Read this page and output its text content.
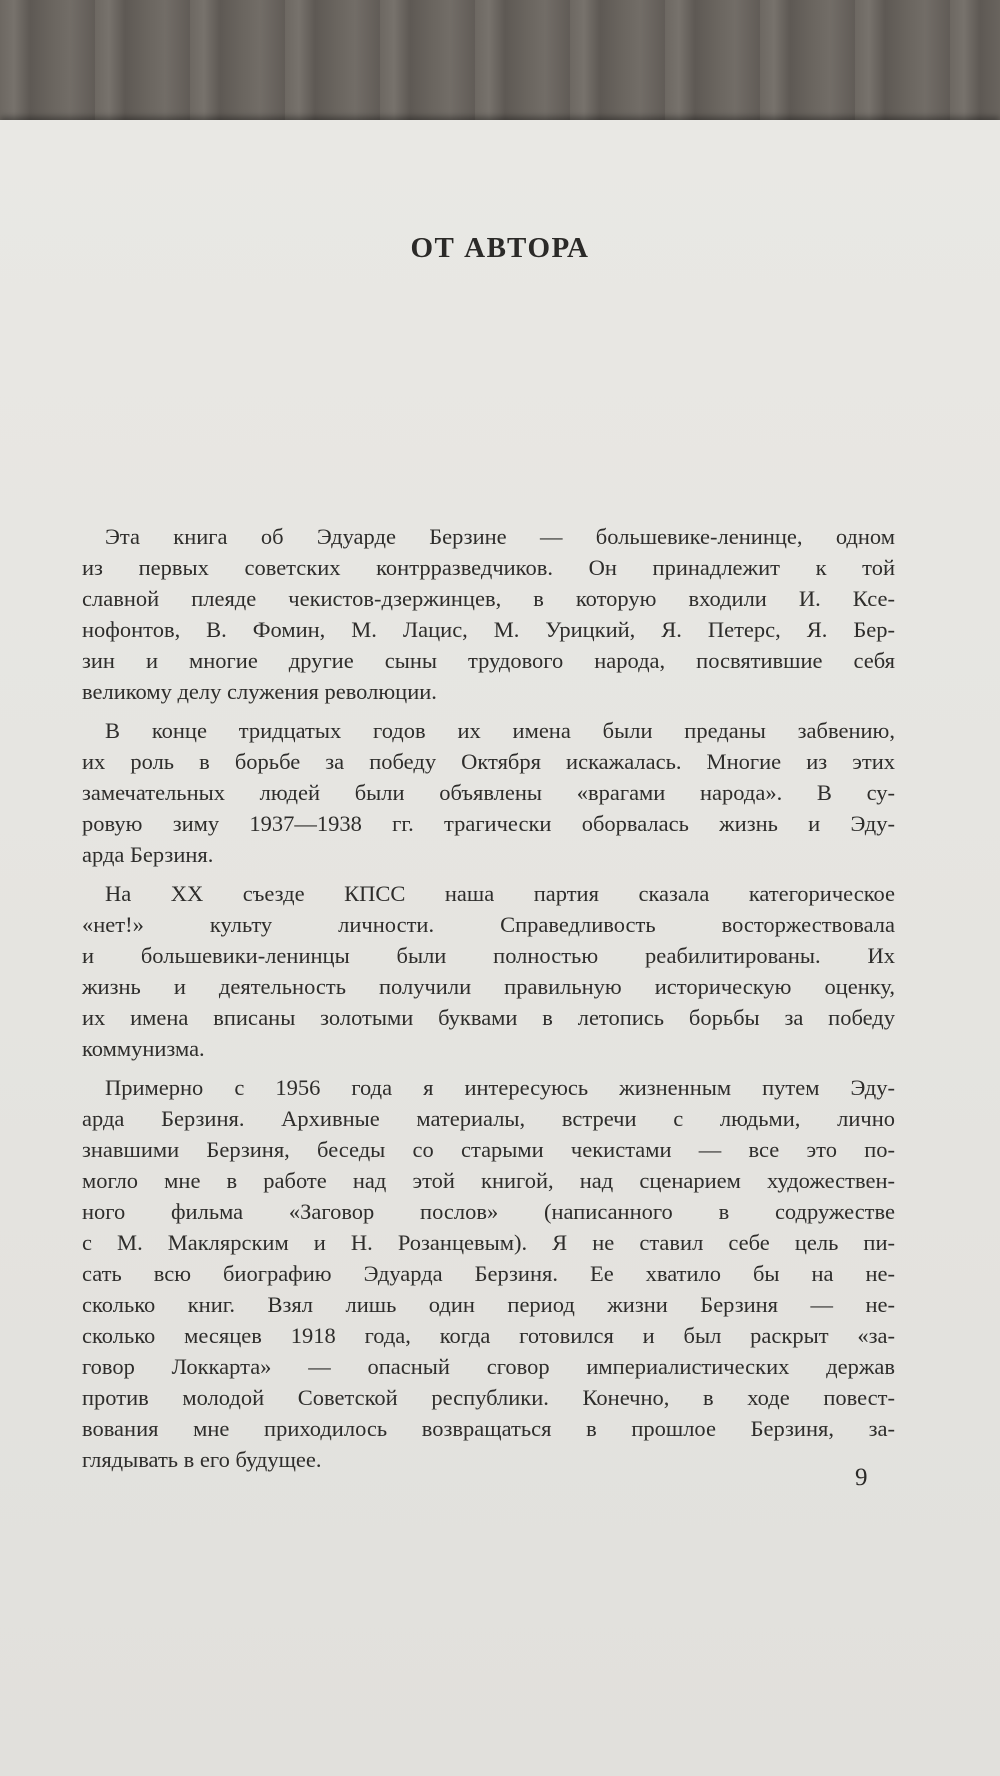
ОТ АВТОРА
Эта книга об Эдуарде Берзине — большевике-ленинце, одном
из первых советских контрразведчиков. Он принадлежит к той
славной плеяде чекистов-дзержинцев, в которую входили И. Ксе-
нофонтов, В. Фомин, М. Лацис, М. Урицкий, Я. Петерс, Я. Бер-
зин и многие другие сыны трудового народа, посвятившие себя
великому делу служения революции.
В конце тридцатых годов их имена были преданы забвению,
их роль в борьбе за победу Октября искажалась. Многие из этих
замечательных людей были объявлены «врагами народа». В су-
ровую зиму 1937—1938 гг. трагически оборвалась жизнь и Эду-
арда Берзиня.
На XX съезде КПСС наша партия сказала категорическое
«нет!» культу личности. Справедливость восторжествовала
и большевики-ленинцы были полностью реабилитированы. Их
жизнь и деятельность получили правильную историческую оценку,
их имена вписаны золотыми буквами в летопись борьбы за победу
коммунизма.
Примерно с 1956 года я интересуюсь жизненным путем Эду-
арда Берзиня. Архивные материалы, встречи с людьми, лично
знавшими Берзиня, беседы со старыми чекистами — все это по-
могло мне в работе над этой книгой, над сценарием художествен-
ного фильма «Заговор послов» (написанного в содружестве
с М. Маклярским и Н. Розанцевым). Я не ставил себе цель пи-
сать всю биографию Эдуарда Берзиня. Ее хватило бы на не-
сколько книг. Взял лишь один период жизни Берзиня — не-
сколько месяцев 1918 года, когда готовился и был раскрыт «за-
говор Локкарта» — опасный сговор империалистических держав
против молодой Советской республики. Конечно, в ходе повест-
вования мне приходилось возвращаться в прошлое Берзиня, за-
глядывать в его будущее.
9
